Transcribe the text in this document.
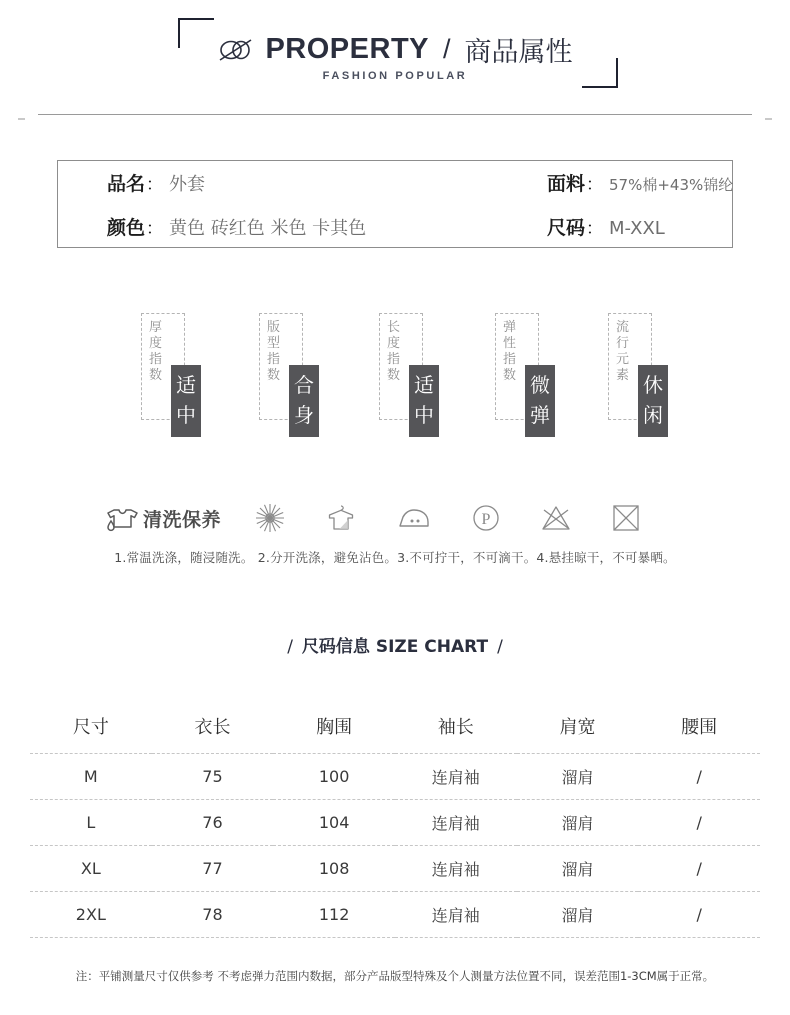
PROPERTY / 商品属性
FASHION POPULAR
品名 ： 外套	面料 ： 57%棉+43%锦纶
颜色 ： 黄色 砖红色 米色 卡其色	尺码 ： M-XXL
厚度指数 适中
版型指数 合身
长度指数 适中
弹性指数 微弹
流行元素 休闲
清洗保养	P
1.常温洗涤，随浸随洗。 2.分开洗涤，避免沾色。3.不可拧干，不可滴干。4.悬挂晾干，不可暴晒。
/ 尺码信息 SIZE CHART /
尺寸	衣长	胸围	袖长	肩宽	腰围
M	75	100	连肩袖	溜肩	/
L	76	104	连肩袖	溜肩	/
XL	77	108	连肩袖	溜肩	/
2XL	78	112	连肩袖	溜肩	/
注：平铺测量尺寸仅供参考 不考虑弹力范围内数据，部分产品版型特殊及个人测量方法位置不同，误差范围1-3CM属于正常。
